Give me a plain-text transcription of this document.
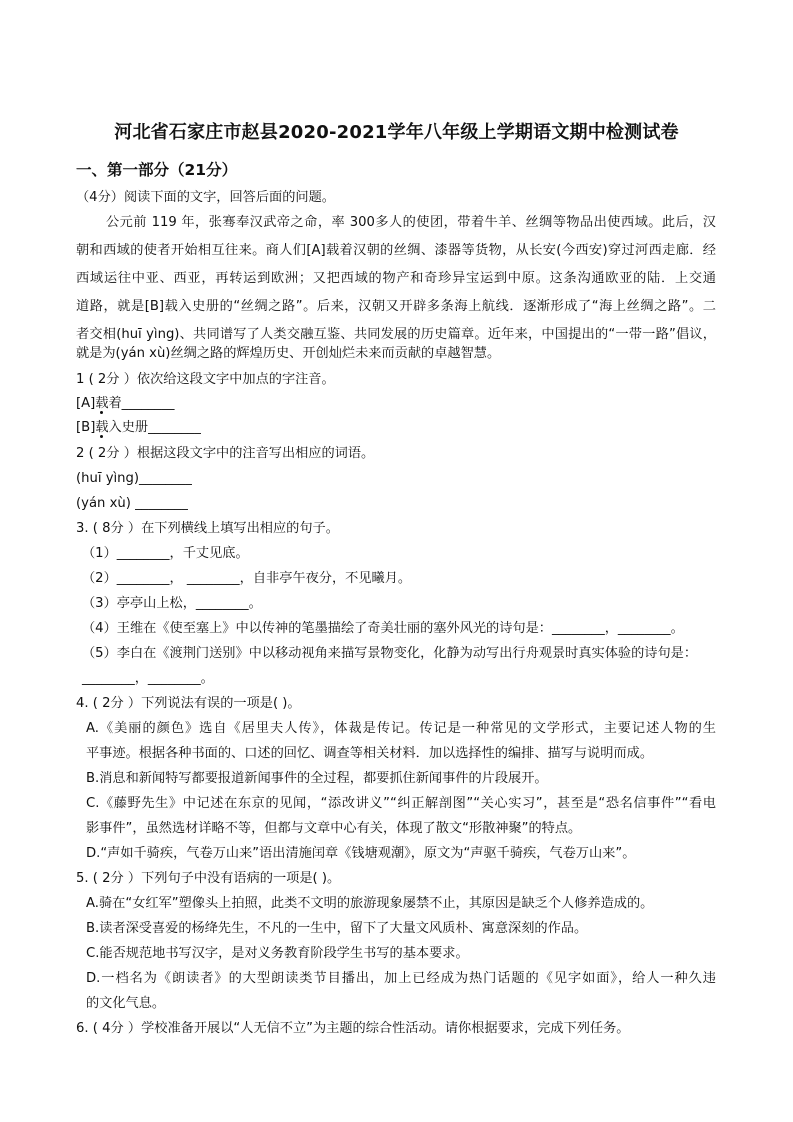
河北省石家庄市赵县2020-2021学年八年级上学期语文期中检测试卷
一、第一部分（21分）
（4分）阅读下面的文字，回答后面的问题。
公元前 119 年，张骞奉汉武帝之命，率 300多人的使团，带着牛羊、丝绸等物品出使西域。此后，汉
朝和西域的使者开始相互往来。商人们[A]载着汉朝的丝绸、漆器等货物，从长安(今西安)穿过河西走廊．经
西域运往中亚、西亚，再转运到欧洲；又把西域的物产和奇珍异宝运到中原。这条沟通欧亚的陆．上交通
道路，就是[B]载入史册的“丝绸之路”。后来，汉朝又开辟多条海上航线．逐渐形成了“海上丝绸之路”。二
者交相(huī yìng)、共同谱写了人类交融互鉴、共同发展的历史篇章。近年来，中国提出的“一带一路”倡议，
就是为(yán xù)丝绸之路的辉煌历史、开创灿烂未来而贡献的卓越智慧。
1 ( 2分 ）依次给这段文字中加点的字注音。
[A]载着________
[B]载入史册________
2 ( 2分 ）根据这段文字中的注音写出相应的词语。
(huī yìng)________
(yán xù) ________
3. ( 8分 ）在下列横线上填写出相应的句子。
（1）________，千丈见底。
（2）________， ________，自非亭午夜分，不见曦月。
（3）亭亭山上松，________。
（4）王维在《使至塞上》中以传神的笔墨描绘了奇美壮丽的塞外风光的诗句是：________，________。
（5）李白在《渡荆门送别》中以移动视角来描写景物变化，化静为动写出行舟观景时真实体验的诗句是：
________，________。
4. ( 2分 ）下列说法有误的一项是( )。
A.《美丽的颜色》选自《居里夫人传》，体裁是传记。传记是一种常见的文学形式，主要记述人物的生
平事迹。根据各种书面的、口述的回忆、调查等相关材料．加以选择性的编排、描写与说明而成。
B.消息和新闻特写都要报道新闻事件的全过程，都要抓住新闻事件的片段展开。
C.《藤野先生》中记述在东京的见闻，“添改讲义”“纠正解剖图”“关心实习”，甚至是“恐名信事件”“看电
影事件”，虽然选材详略不等，但都与文章中心有关，体现了散文“形散神聚”的特点。
D.“声如千骑疾，气卷万山来”语出清施闰章《钱塘观潮》，原文为“声驱千骑疾，气卷万山来”。
5. ( 2分 ）下列句子中没有语病的一项是( )。
A.骑在“女红军”塑像头上拍照，此类不文明的旅游现象屡禁不止，其原因是缺乏个人修养造成的。
B.读者深受喜爱的杨绛先生，不凡的一生中，留下了大量文风质朴、寓意深刻的作品。
C.能否规范地书写汉字，是对义务教育阶段学生书写的基本要求。
D.一档名为《朗读者》的大型朗读类节目播出，加上已经成为热门话题的《见字如面》，给人一种久违
的文化气息。
6. ( 4分 ）学校准备开展以“人无信不立”为主题的综合性活动。请你根据要求，完成下列任务。
